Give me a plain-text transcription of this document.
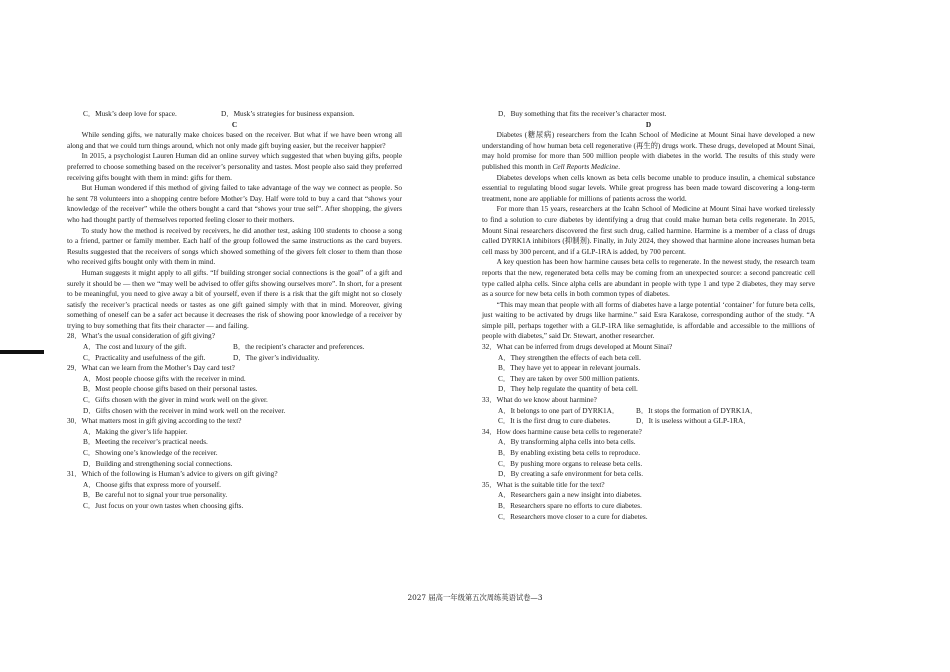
C．Musk’s deep love for space.	D．Musk’s strategies for business expansion.

C

While sending gifts, we naturally make choices based on the receiver. But what if we have been wrong all along and that we could turn things around, which not only made gift buying easier, but the receiver happier?

In 2015, a psychologist Lauren Human did an online survey which suggested that when buying gifts, people preferred to choose something based on the receiver’s personality and tastes. Most people also said they preferred receiving gifts bought with them in mind: gifts for them.

But Human wondered if this method of giving failed to take advantage of the way we connect as people. So he sent 78 volunteers into a shopping centre before Mother’s Day. Half were told to buy a card that “shows your knowledge of the receiver” while the others bought a card that “shows your true self”. After shopping, the givers who had thought partly of themselves reported feeling closer to their mothers.

To study how the method is received by receivers, he did another test, asking 100 students to choose a song to a friend, partner or family member. Each half of the group followed the same instructions as the card buyers. Results suggested that the receivers of songs which showed something of the givers felt closer to them than those who received gifts bought only with them in mind.

Human suggests it might apply to all gifts. “If building stronger social connections is the goal” of a gift and surely it should be — then we “may well be advised to offer gifts showing ourselves more”. In short, for a present to be meaningful, you need to give away a bit of yourself, even if there is a risk that the gift might not so closely satisfy the receiver’s practical needs or tastes as one gift gained simply with that in mind. Moreover, giving something of oneself can be a safer act because it decreases the risk of showing poor knowledge of a receiver by trying to buy something that fits their character — and failing.

28．What’s the usual consideration of gift giving?

A．The cost and luxury of the gift.	B．the recipient’s character and preferences.
C．Practicality and usefulness of the gift.	D．The giver’s individuality.

29．What can we learn from the Mother’s Day card test?

A．Most people choose gifts with the receiver in mind.

B．Most people choose gifts based on their personal tastes.

C．Gifts chosen with the giver in mind work well on the giver.

D．Gifts chosen with the receiver in mind work well on the receiver.

30．What matters most in gift giving according to the text?

A．Making the giver’s life happier.

B．Meeting the receiver’s practical needs.

C．Showing one’s knowledge of the receiver.

D．Building and strengthening social connections.

31．Which of the following is Human’s advice to givers on gift giving?

A．Choose gifts that express more of yourself.

B．Be careful not to signal your true personality.

C．Just focus on your own tastes when choosing gifts.

D．Buy something that fits the receiver’s character most.

D

Diabetes (糖尿病) researchers from the Icahn School of Medicine at Mount Sinai have developed a new understanding of how human beta cell regenerative (再生的) drugs work. These drugs, developed at Mount Sinai, may hold promise for more than 500 million people with diabetes in the world. The results of this study were published this month in Cell Reports Medicine.

Diabetes develops when cells known as beta cells become unable to produce insulin, a chemical substance essential to regulating blood sugar levels. While great progress has been made toward discovering a long-term treatment, none are appliable for millions of patients across the world.

For more than 15 years, researchers at the Icahn School of Medicine at Mount Sinai have worked tirelessly to find a solution to cure diabetes by identifying a drug that could make human beta cells regenerate. In 2015, Mount Sinai researchers discovered the first such drug, called harmine. Harmine is a member of a class of drugs called DYRK1A inhibitors (抑制剂). Finally, in July 2024, they showed that harmine alone increases human beta cell mass by 300 percent, and if a GLP-1RA is added, by 700 percent.

A key question has been how harmine causes beta cells to regenerate. In the newest study, the research team reports that the new, regenerated beta cells may be coming from an unexpected source: a second pancreatic cell type called alpha cells. Since alpha cells are abundant in people with type 1 and type 2 diabetes, they may serve as a source for new beta cells in both common types of diabetes.

“This may mean that people with all forms of diabetes have a large potential ‘container’ for future beta cells, just waiting to be activated by drugs like harmine.” said Esra Karakose, corresponding author of the study. “A simple pill, perhaps together with a GLP-1RA like semaglutide, is affordable and accessible to the millions of people with diabetes,” said Dr. Stewart, another researcher.

32．What can be inferred from drugs developed at Mount Sinai?

A．They strengthen the effects of each beta cell.

B．They have yet to appear in relevant journals.

C．They are taken by over 500 million patients.

D．They help regulate the quantity of beta cell.

33．What do we know about harmine?

A．It belongs to one part of DYRK1A．	B．It stops the formation of DYRK1A．
C．It is the first drug to cure diabetes.	D．It is useless without a GLP-1RA．

34．How does harmine cause beta cells to regenerate?

A．By transforming alpha cells into beta cells.

B．By enabling existing beta cells to reproduce.

C．By pushing more organs to release beta cells.

D．By creating a safe environment for beta cells.

35．What is the suitable title for the text?

A．Researchers gain a new insight into diabetes.

B．Researchers spare no efforts to cure diabetes.

C．Researchers move closer to a cure for diabetes.

2027 届高一年级第五次周练英语试卷—3
